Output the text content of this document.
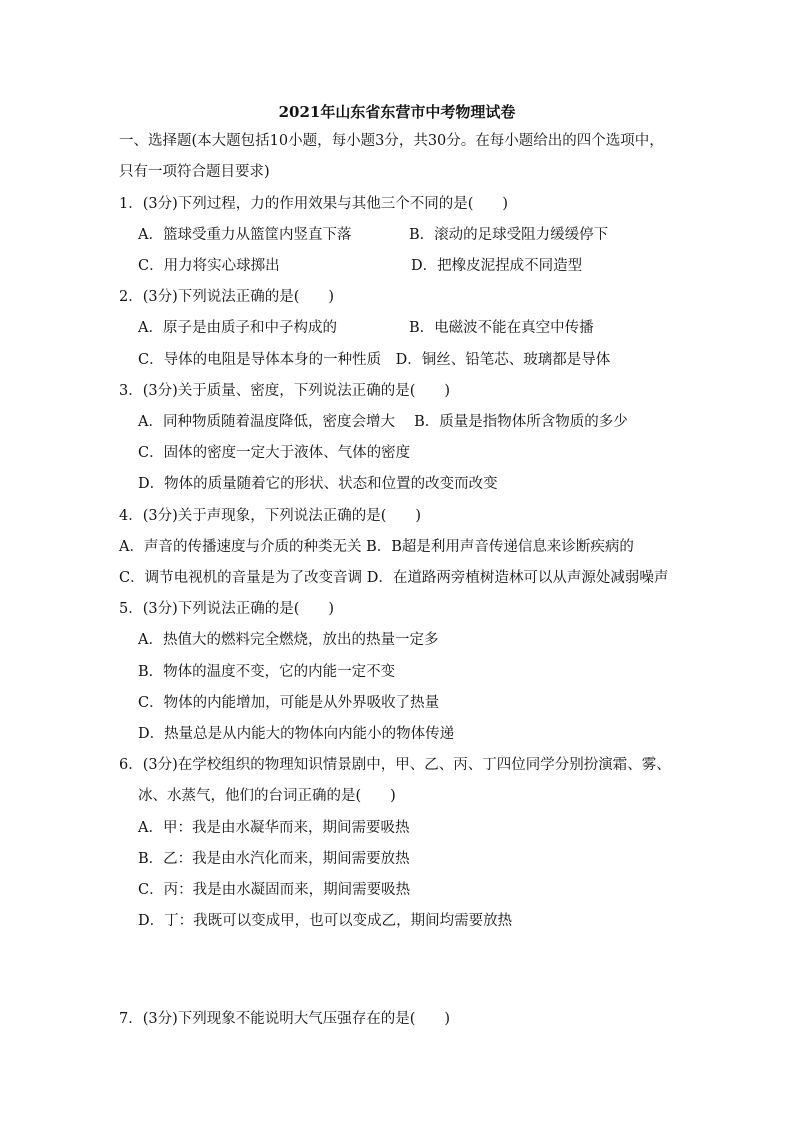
2021年山东省东营市中考物理试卷
一、选择题(本大题包括10小题，每小题3分，共30分。在每小题给出的四个选项中，
只有一项符合题目要求)
1．(3分)下列过程，力的作用效果与其他三个不同的是(　　)
A．篮球受重力从篮筐内竖直下落	B．滚动的足球受阻力缓缓停下
C．用力将实心球掷出	D．把橡皮泥捏成不同造型
2．(3分)下列说法正确的是(　　)
A．原子是由质子和中子构成的	B．电磁波不能在真空中传播
C．导体的电阻是导体本身的一种性质　D．铜丝、铅笔芯、玻璃都是导体
3．(3分)关于质量、密度，下列说法正确的是(　　)
A．同种物质随着温度降低，密度会增大　 B．质量是指物体所含物质的多少
C．固体的密度一定大于液体、气体的密度
D．物体的质量随着它的形状、状态和位置的改变而改变
4．(3分)关于声现象，下列说法正确的是(　　)
A．声音的传播速度与介质的种类无关 B．B超是利用声音传递信息来诊断疾病的
C．调节电视机的音量是为了改变音调 D．在道路两旁植树造林可以从声源处减弱噪声
5．(3分)下列说法正确的是(　　)
A．热值大的燃料完全燃烧，放出的热量一定多
B．物体的温度不变，它的内能一定不变
C．物体的内能增加，可能是从外界吸收了热量
D．热量总是从内能大的物体向内能小的物体传递
6．(3分)在学校组织的物理知识情景剧中，甲、乙、丙、丁四位同学分别扮演霜、雾、
冰、水蒸气，他们的台词正确的是(　　)
A．甲：我是由水凝华而来，期间需要吸热
B．乙：我是由水汽化而来，期间需要放热
C．丙：我是由水凝固而来，期间需要吸热
D．丁：我既可以变成甲，也可以变成乙，期间均需要放热
7．(3分)下列现象不能说明大气压强存在的是(　　)
